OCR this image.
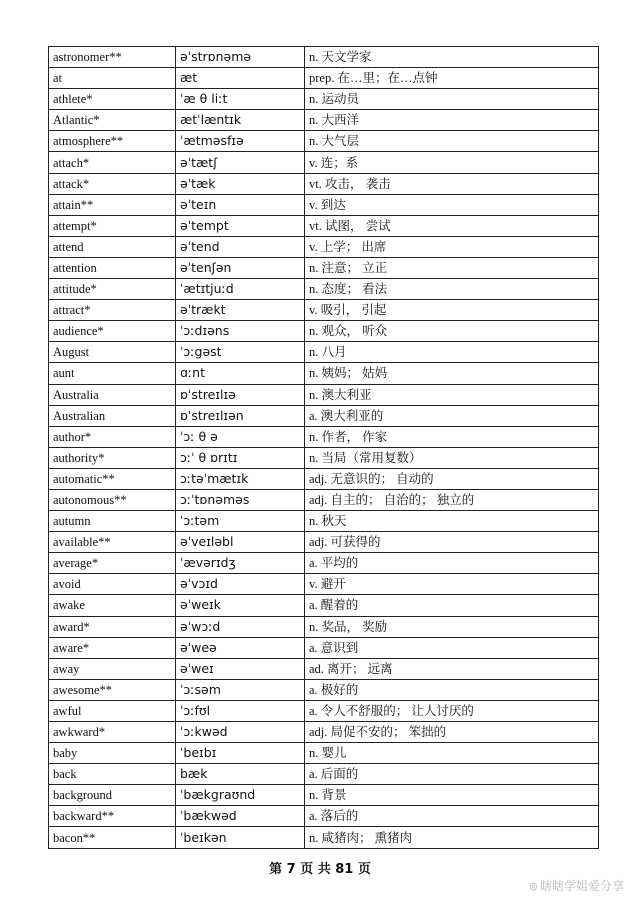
astronomer**	əˈstrɒnəmə	n. 天文学家
at	æt	prep. 在…里；在…点钟
athlete*	ˈæ θ liːt	n. 运动员
Atlantic*	ætˈlæntɪk	n. 大西洋
atmosphere**	ˈætməsfɪə	n. 大气层
attach*	əˈtætʃ	v. 连；系
attack*	əˈtæk	vt. 攻击， 袭击
attain**	əˈteɪn	v. 到达
attempt*	əˈtempt	vt. 试图， 尝试
attend	əˈtend	v. 上学； 出席
attention	əˈtenʃən	n. 注意； 立正
attitude*	ˈætɪtjuːd	n. 态度； 看法
attract*	əˈtrækt	v. 吸引， 引起
audience*	ˈɔːdɪəns	n. 观众， 听众
August	ˈɔːgəst	n. 八月
aunt	ɑːnt	n. 姨妈； 姑妈
Australia	ɒˈstreɪlɪə	n. 澳大利亚
Australian	ɒˈstreɪlɪən	a. 澳大利亚的
author*	ˈɔː θ ə	n. 作者， 作家
authority*	ɔːˈ θ ɒrɪtɪ	n. 当局（常用复数）
automatic**	ɔːtəˈmætɪk	adj. 无意识的； 自动的
autonomous**	ɔːˈtɒnəməs	adj. 自主的； 自治的； 独立的
autumn	ˈɔːtəm	n. 秋天
available**	əˈveɪləbl	adj. 可获得的
average*	ˈævərɪdʒ	a. 平均的
avoid	əˈvɔɪd	v. 避开
awake	əˈweɪk	a. 醒着的
award*	əˈwɔːd	n. 奖品， 奖励
aware*	əˈweə	a. 意识到
away	əˈweɪ	ad. 离开； 远离
awesome**	ˈɔːsəm	a. 极好的
awful	ˈɔːfʊl	a. 令人不舒服的； 让人讨厌的
awkward*	ˈɔːkwəd	adj. 局促不安的； 笨拙的
baby	ˈbeɪbɪ	n. 婴儿
back	bæk	a. 后面的
background	ˈbækgraʊnd	n. 背景
backward**	ˈbækwəd	a. 落后的
bacon**	ˈbeɪkən	n. 咸猪肉； 熏猪肉
第 7 页 共 81 页
⊚ 瞎瞎学姐爱分享
